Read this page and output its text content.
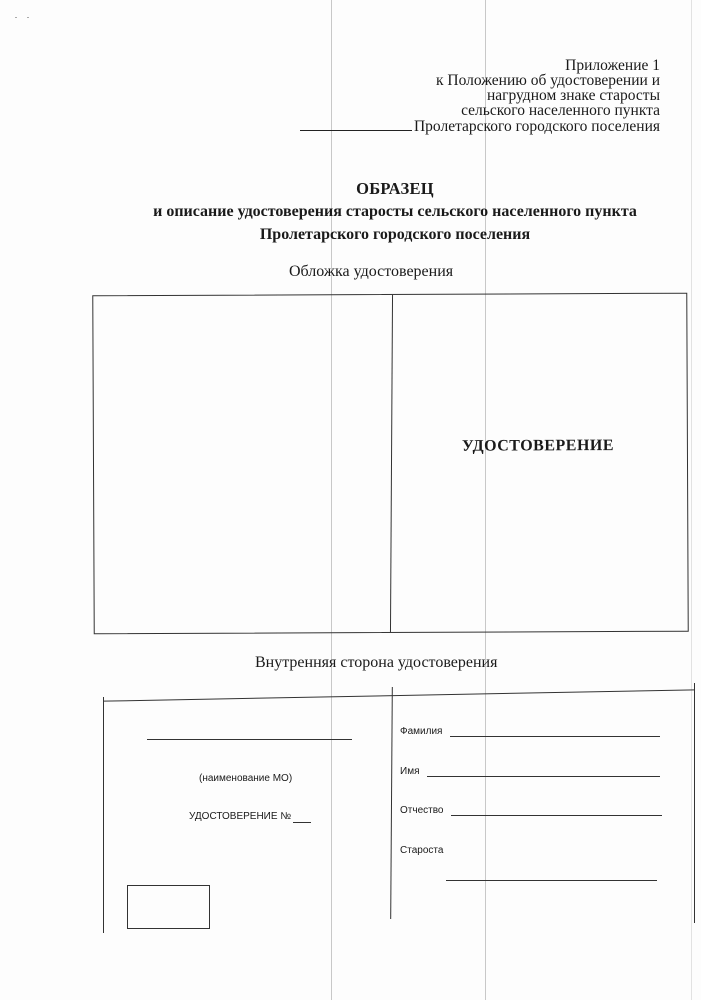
Приложение 1
к Положению об удостоверении и
нагрудном знаке старосты
сельского населенного пункта
Пролетарского городского поселения
ОБРАЗЕЦ
и описание удостоверения старосты сельского населенного пункта
Пролетарского городского поселения
Обложка удостоверения
УДОСТОВЕРЕНИЕ
Внутренняя сторона удостоверения
(наименование МО)
УДОСТОВЕРЕНИЕ №
Фамилия
Имя
Отчество
Староста
